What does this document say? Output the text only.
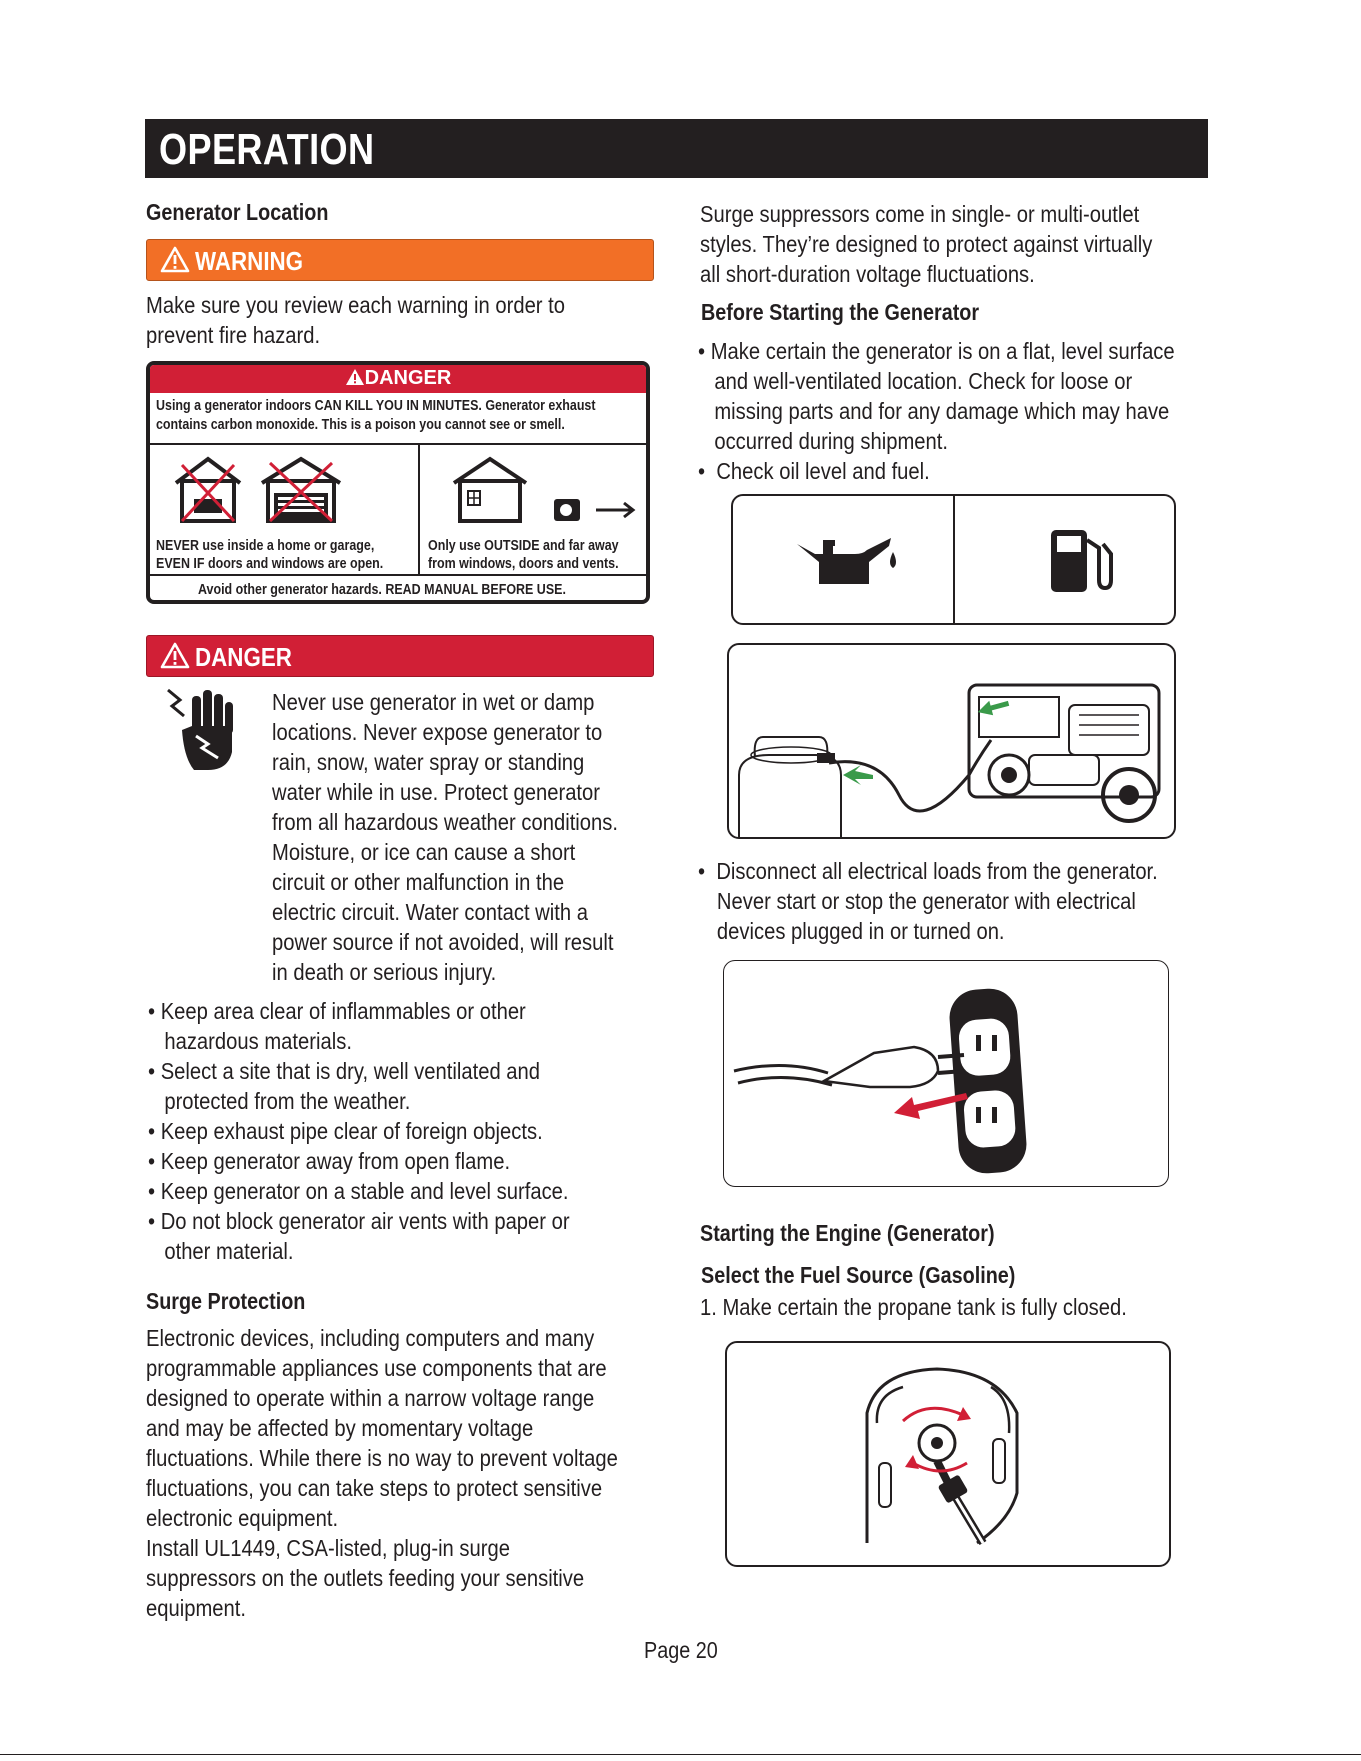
OPERATION
Generator Location
WARNING
Make sure you review each warning in order to
prevent fire hazard.
DANGER
Using a generator indoors CAN KILL YOU IN MINUTES. Generator exhaust
contains carbon monoxide. This is a poison you cannot see or smell.
NEVER use inside a home or garage,
EVEN IF doors and windows are open.
Only use OUTSIDE and far away
from windows, doors and vents.
Avoid other generator hazards. READ MANUAL BEFORE USE.
DANGER
Never use generator in wet or damp
locations. Never expose generator to
rain, snow, water spray or standing
water while in use. Protect generator
from all hazardous weather conditions.
Moisture, or ice can cause a short
circuit or other malfunction in the
electric circuit. Water contact with a
power source if not avoided, will result
in death or serious injury.
• Keep area clear of inflammables or other
hazardous materials.
• Select a site that is dry, well ventilated and
protected from the weather.
• Keep exhaust pipe clear of foreign objects.
• Keep generator away from open flame.
• Keep generator on a stable and level surface.
• Do not block generator air vents with paper or
other material.
Surge Protection
Electronic devices, including computers and many
programmable appliances use components that are
designed to operate within a narrow voltage range
and may be affected by momentary voltage
fluctuations. While there is no way to prevent voltage
fluctuations, you can take steps to protect sensitive
electronic equipment.
Install UL1449, CSA-listed, plug-in surge
suppressors on the outlets feeding your sensitive
equipment.
Surge suppressors come in single- or multi-outlet
styles. They’re designed to protect against virtually
all short-duration voltage fluctuations.
Before Starting the Generator
• Make certain the generator is on a flat, level surface
and well-ventilated location. Check for loose or
missing parts and for any damage which may have
occurred during shipment.
•  Check oil level and fuel.
•  Disconnect all electrical loads from the generator.
Never start or stop the generator with electrical
devices plugged in or turned on.
Starting the Engine (Generator)
Select the Fuel Source (Gasoline)
1. Make certain the propane tank is fully closed.
Page 20
